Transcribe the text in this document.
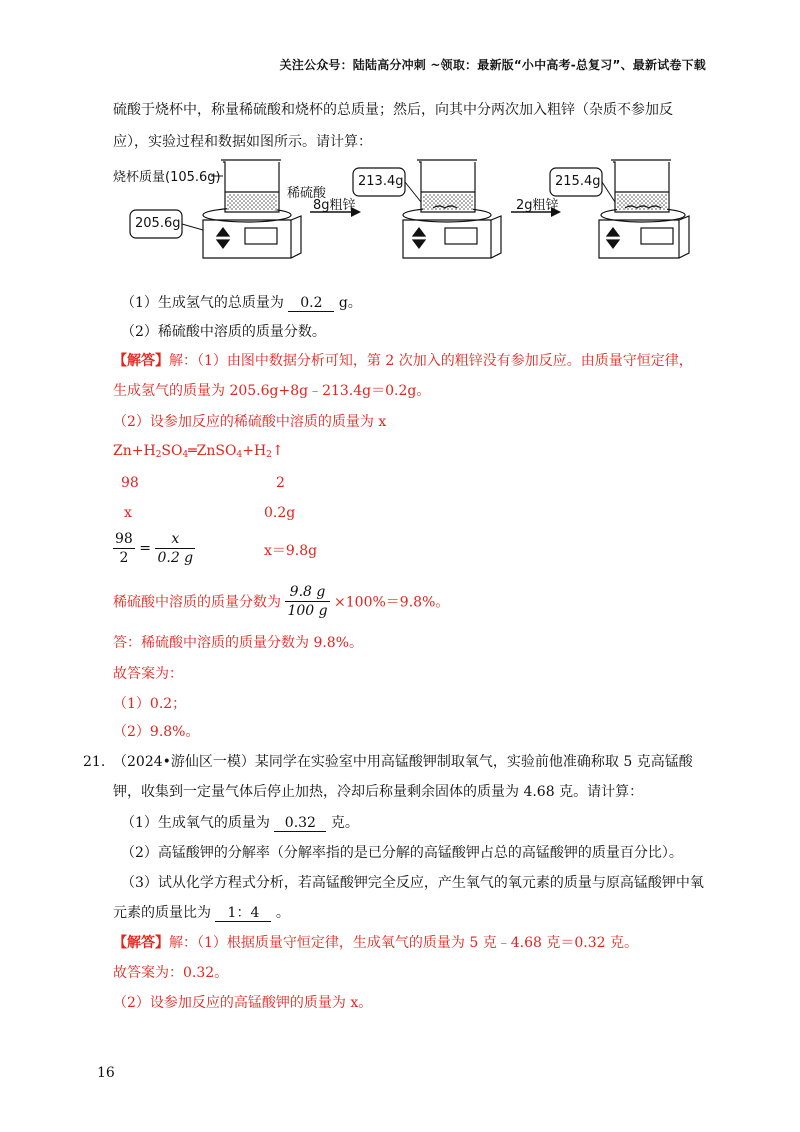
关注公众号：陆陆高分冲刺 ~领取：最新版“小中高考-总复习”、最新试卷下载
硫酸于烧杯中，称量稀硫酸和烧杯的总质量；然后，向其中分两次加入粗锌（杂质不参加反
应），实验过程和数据如图所示。请计算：
烧杯质量(105.6g)
稀硫酸
205.6g
8g粗锌
213.4g
2g粗锌
215.4g
（1）生成氢气的总质量为 0.2 g。
（2）稀硫酸中溶质的质量分数。
【解答】解：（1）由图中数据分析可知，第 2 次加入的粗锌没有参加反应。由质量守恒定律，
生成氢气的质量为 205.6g+8g﹣213.4g＝0.2g。
（2）设参加反应的稀硫酸中溶质的质量为 x
$Zn+H_2SO_4═ZnSO_4+H_2↑$
98	2
x	0.2g
$\frac{98}{2} = \frac{x}{0.2 g}$	x＝9.8g
稀硫酸中溶质的质量分数为 $\frac{9.8 g}{100 g} \times 100\%=9.8\%$。
答：稀硫酸中溶质的质量分数为 9.8%。
故答案为：
（1）0.2；
（2）9.8%。
21. （2024•游仙区一模）某同学在实验室中用高锰酸钾制取氧气，实验前他准确称取 5 克高锰酸
钾，收集到一定量气体后停止加热，冷却后称量剩余固体的质量为 4.68 克。请计算：
（1）生成氧气的质量为 0.32 克。
（2）高锰酸钾的分解率（分解率指的是已分解的高锰酸钾占总的高锰酸钾的质量百分比）。
（3）试从化学方程式分析，若高锰酸钾完全反应，产生氧气的氧元素的质量与原高锰酸钾中氧
元素的质量比为 1：4 。
【解答】解：（1）根据质量守恒定律，生成氧气的质量为 5 克﹣4.68 克＝0.32 克。
故答案为：0.32。
（2）设参加反应的高锰酸钾的质量为 x。
16
